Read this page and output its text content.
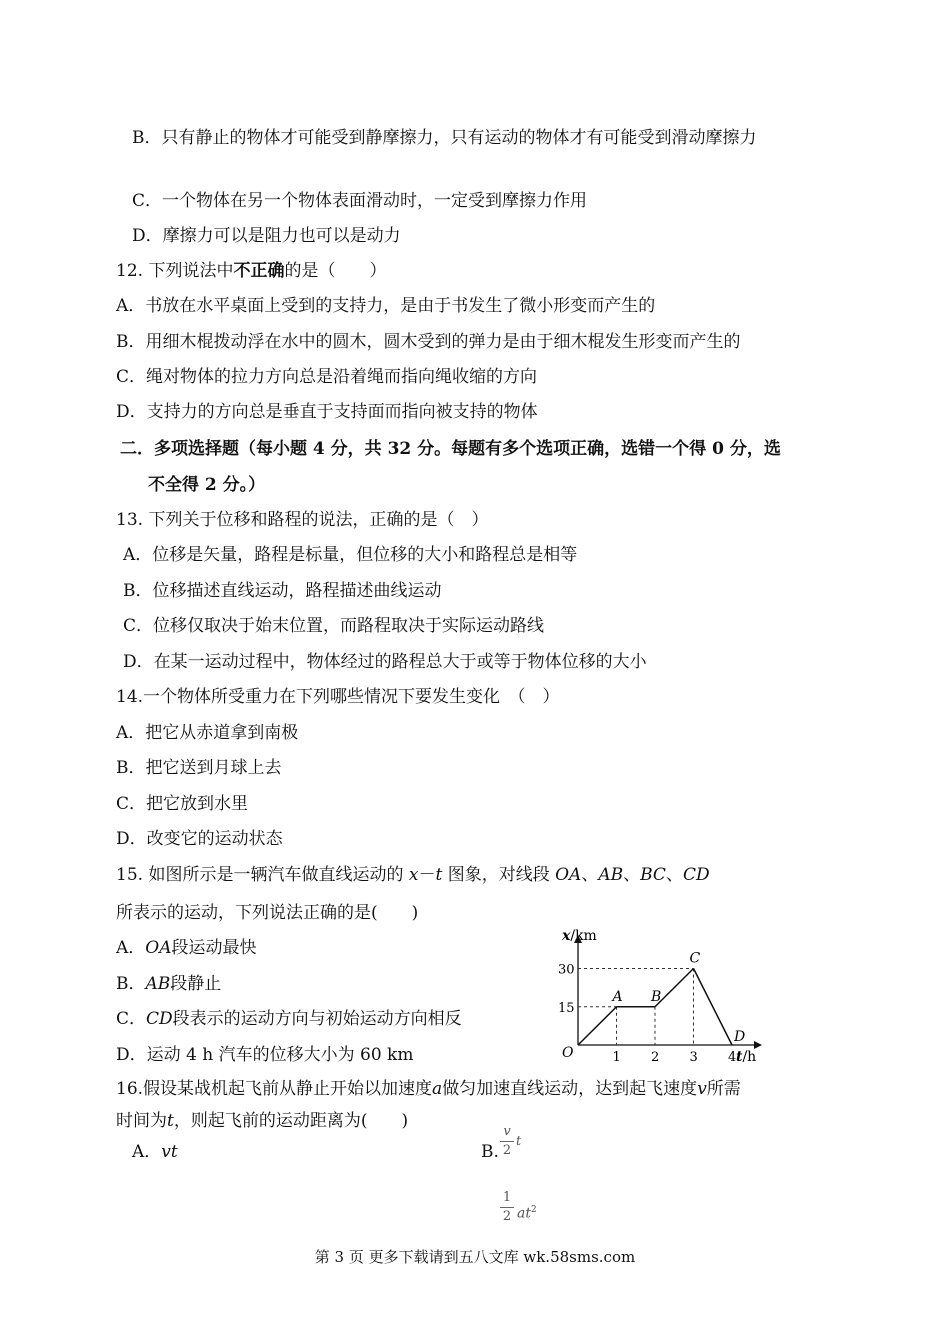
B．只有静止的物体才可能受到静摩擦力，只有运动的物体才有可能受到滑动摩擦力
C．一个物体在另一个物体表面滑动时，一定受到摩擦力作用
D．摩擦力可以是阻力也可以是动力
12. 下列说法中不正确的是（　　）
A．书放在水平桌面上受到的支持力，是由于书发生了微小形变而产生的
B．用细木棍拨动浮在水中的圆木，圆木受到的弹力是由于细木棍发生形变而产生的
C．绳对物体的拉力方向总是沿着绳而指向绳收缩的方向
D．支持力的方向总是垂直于支持面而指向被支持的物体
二．多项选择题（每小题 4 分，共 32 分。每题有多个选项正确，选错一个得 0 分，选
不全得 2 分。）
13. 下列关于位移和路程的说法，正确的是（　）
A．位移是矢量，路程是标量，但位移的大小和路程总是相等
B．位移描述直线运动，路程描述曲线运动
C．位移仅取决于始末位置，而路程取决于实际运动路线
D．在某一运动过程中，物体经过的路程总大于或等于物体位移的大小
14.一个物体所受重力在下列哪些情况下要发生变化　（　）
A．把它从赤道拿到南极
B．把它送到月球上去
C．把它放到水里
D．改变它的运动状态
15. 如图所示是一辆汽车做直线运动的 x－t 图象，对线段 OA、AB、BC、CD
所表示的运动，下列说法正确的是(　　)
A．OA段运动最快
B．AB段静止
C．CD段表示的运动方向与初始运动方向相反
D．运动 4 h 汽车的位移大小为 60 km
A B
C
D
O	1 2 3 4
15
30
x/km
t/h
16.假设某战机起飞前从静止开始以加速度a做匀加速直线运动，达到起飞速度v所需
时间为t，则起飞前的运动距离为(　　)
A．vt	B.
v
2
t
1
2 $at^2$
第 3 页 更多下载请到五八文库 wk.58sms.com
